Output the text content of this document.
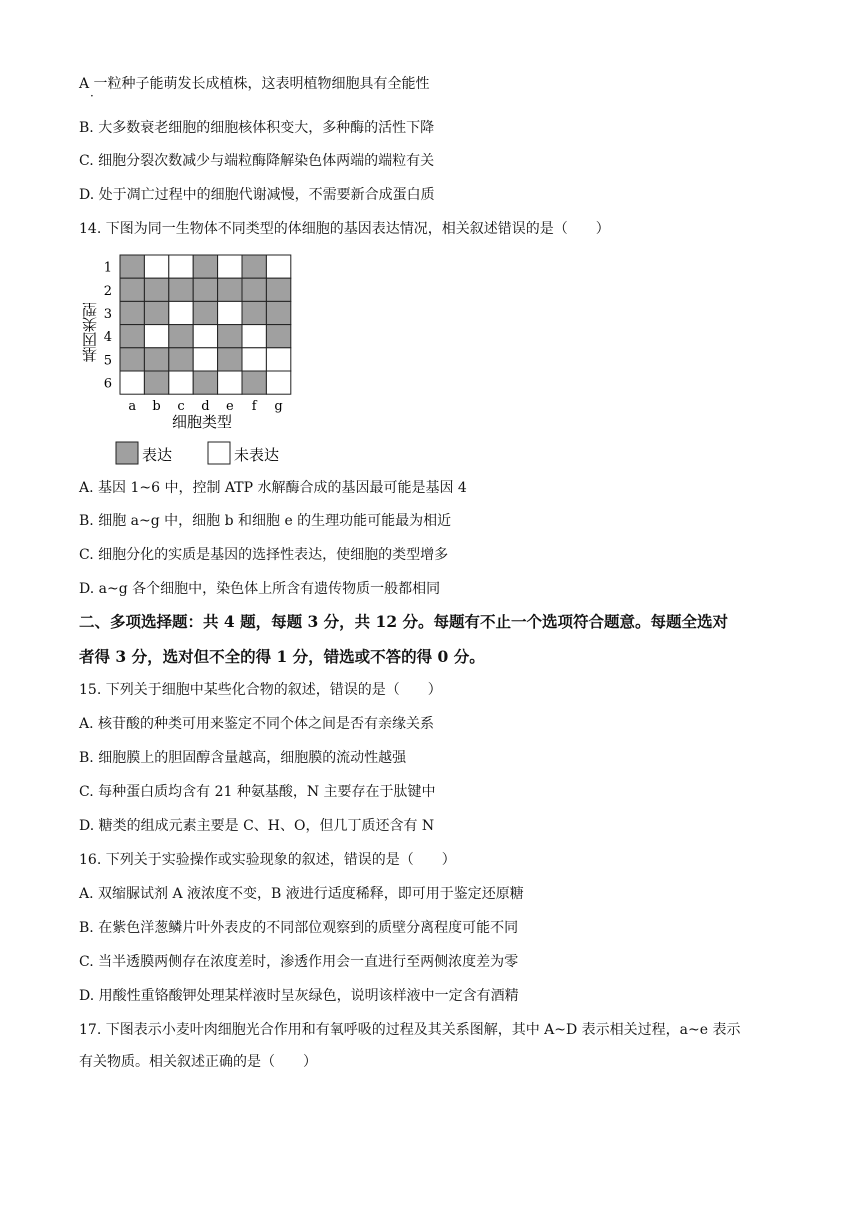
A 一粒种子能萌发长成植株，这表明植物细胞具有全能性
·
B. 大多数衰老细胞的细胞核体积变大，多种酶的活性下降
C. 细胞分裂次数减少与端粒酶降解染色体两端的端粒有关
D. 处于凋亡过程中的细胞代谢减慢，不需要新合成蛋白质
14. 下图为同一生物体不同类型的体细胞的基因表达情况，相关叙述错误的是（　　）
1
2
3
4
5
6
a b c d e f g
基因类型
细胞类型
表达	未表达
A. 基因 1~6 中，控制 ATP 水解酶合成的基因最可能是基因 4
B. 细胞 a~g 中，细胞 b 和细胞 e 的生理功能可能最为相近
C. 细胞分化的实质是基因的选择性表达，使细胞的类型增多
D. a~g 各个细胞中，染色体上所含有遗传物质一般都相同
二、多项选择题：共 4 题，每题 3 分，共 12 分。每题有不止一个选项符合题意。每题全选对
者得 3 分，选对但不全的得 1 分，错选或不答的得 0 分。
15. 下列关于细胞中某些化合物的叙述，错误的是（　　）
A. 核苷酸的种类可用来鉴定不同个体之间是否有亲缘关系
B. 细胞膜上的胆固醇含量越高，细胞膜的流动性越强
C. 每种蛋白质均含有 21 种氨基酸，N 主要存在于肽键中
D. 糖类的组成元素主要是 C、H、O，但几丁质还含有 N
16. 下列关于实验操作或实验现象的叙述，错误的是（　　）
A. 双缩脲试剂 A 液浓度不变，B 液进行适度稀释，即可用于鉴定还原糖
B. 在紫色洋葱鳞片叶外表皮的不同部位观察到的质壁分离程度可能不同
C. 当半透膜两侧存在浓度差时，渗透作用会一直进行至两侧浓度差为零
D. 用酸性重铬酸钾处理某样液时呈灰绿色，说明该样液中一定含有酒精
17. 下图表示小麦叶肉细胞光合作用和有氧呼吸的过程及其关系图解，其中 A~D 表示相关过程，a~e 表示
有关物质。相关叙述正确的是（　　）
